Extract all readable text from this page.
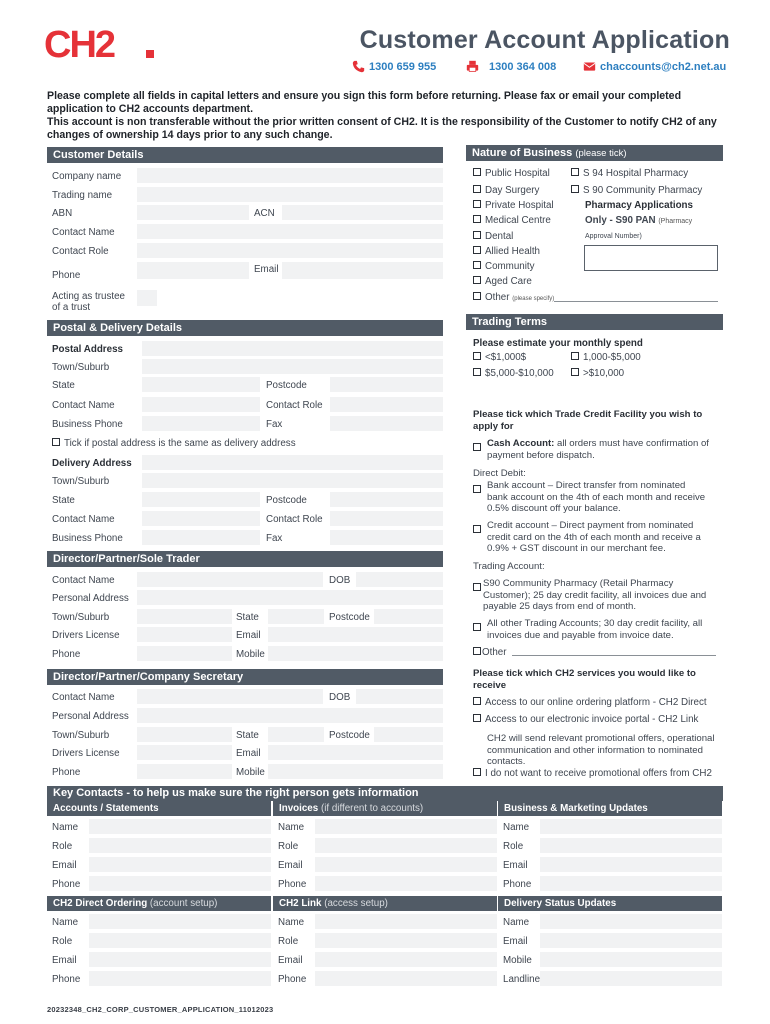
CH2	Customer Account Application
1300 659 955	1300 364 008	chaccounts@ch2.net.au
Please complete all fields in capital letters and ensure you sign this form before returning. Please fax or email your completed application to CH2 accounts department.
This account is non transferable without the prior written consent of CH2. It is the responsibility of the Customer to notify CH2 of any changes of ownership 14 days prior to any such change.
Customer Details
Company name
Trading name
ABN	ACN
Contact Name
Contact Role
Phone
Email
Acting as trustee
of a trust
Nature of Business (please tick)
Public Hospital	S 94 Hospital Pharmacy
Day Surgery	S 90 Community Pharmacy
Private Hospital	Pharmacy Applications
Medical Centre	Only - S90 PAN (Pharmacy
Dental	Approval Number)
Allied Health
Community
Aged Care
Other (please specify)
Postal & Delivery Details
Postal Address
Town/Suburb
State	Postcode
Contact Name	Contact Role
Business Phone	Fax
Tick if postal address is the same as delivery address
Delivery Address
Town/Suburb
State	Postcode
Contact Name	Contact Role
Business Phone	Fax
Trading Terms
Please estimate your monthly spend
<$1,000$	1,000-$5,000
$5,000-$10,000	>$10,000
Please tick which Trade Credit Facility you wish to apply for
Cash Account: all orders must have confirmation of payment before dispatch.
Direct Debit:
Bank account – Direct transfer from nominated bank account on the 4th of each month and receive 0.5% discount off your balance.
Credit account – Direct payment from nominated credit card on the 4th of each month and receive a 0.9% + GST discount in our merchant fee.
Trading Account:
S90 Community Pharmacy (Retail Pharmacy Customer); 25 day credit facility, all invoices due and payable 25 days from end of month.
All other Trading Accounts; 30 day credit facility, all invoices due and payable from invoice date.
Other
Please tick which CH2 services you would like to receive
Access to our online ordering platform - CH2 Direct
Access to our electronic invoice portal - CH2 Link
CH2 will send relevant promotional offers, operational communication and other information to nominated contacts.
I do not want to receive promotional offers from CH2
Director/Partner/Sole Trader
Contact Name	DOB
Personal Address
Town/Suburb	State	Postcode
Drivers License	Email
Phone	Mobile
Director/Partner/Company Secretary
Contact Name	DOB
Personal Address
Town/Suburb	State	Postcode
Drivers License	Email
Phone	Mobile
Key Contacts - to help us make sure the right person gets information
Accounts / Statements
Name
Role
Email
Phone
Invoices (if different to accounts)
Name
Role
Email
Phone
Business & Marketing Updates
Name
Role
Email
Phone
CH2 Direct Ordering (account setup)
Name
Role
Email
Phone
CH2 Link (access setup)
Name
Role
Email
Phone
Delivery Status Updates
Name
Email
Mobile
Landline
20232348_CH2_CORP_CUSTOMER_APPLICATION_11012023
